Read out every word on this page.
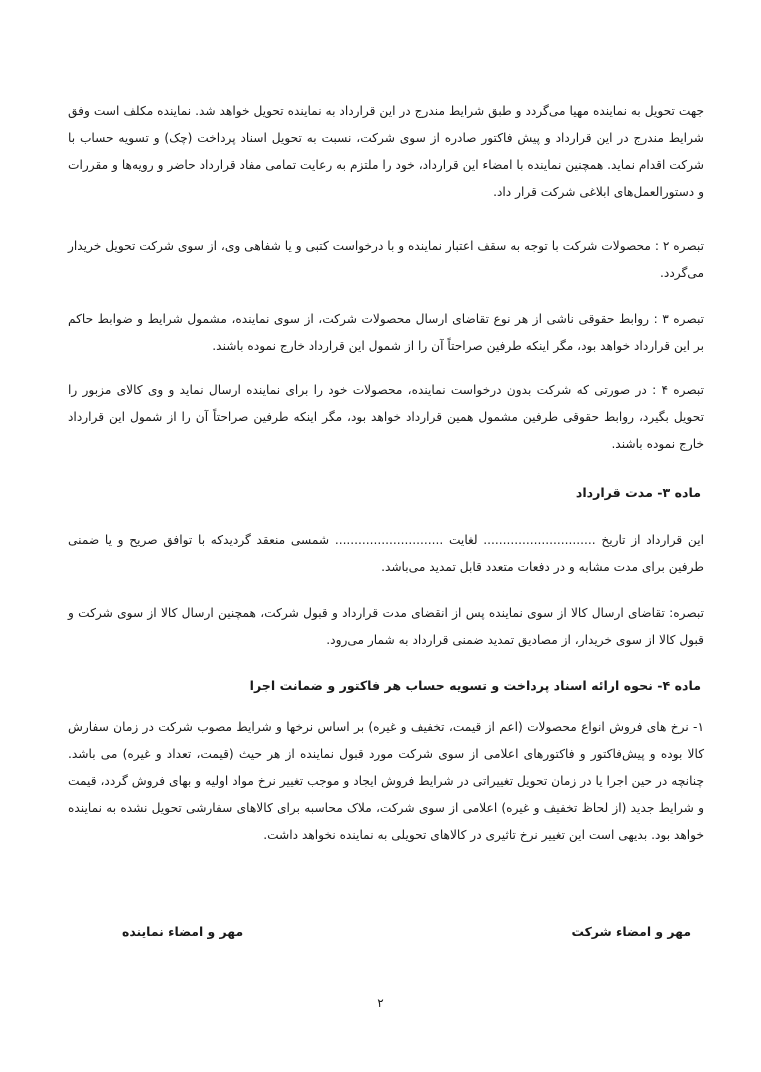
جهت تحویل به نماینده مهیا می‌گردد و طبق شرایط مندرج در این قرارداد به نماینده تحویل خواهد شد. نماینده مکلف است وفق شرایط مندرج در این قرارداد و پیش فاکتور صادره از سوی شرکت، نسبت به تحویل اسناد پرداخت (چک) و تسویه حساب با شرکت اقدام نماید. همچنین نماینده با امضاء این قرارداد، خود را ملتزم به رعایت تمامی مفاد قرارداد حاضر و رویه‌ها و مقررات و دستورالعمل‌های ابلاغی شرکت قرار داد.

تبصره ۲ : محصولات شرکت با توجه به سقف اعتبار نماینده و با درخواست کتبی و یا شفاهی وی، از سوی شرکت تحویل خریدار می‌گردد.

تبصره ۳ : روابط حقوقی ناشی از هر نوع تقاضای ارسال محصولات شرکت، از سوی نماینده، مشمول شرایط و ضوابط حاکم بر این قرارداد خواهد بود، مگر اینکه طرفین صراحتاً آن را از شمول این قرارداد خارج نموده باشند.

تبصره ۴ : در صورتی که شرکت بدون درخواست نماینده، محصولات خود را برای نماینده ارسال نماید و وی کالای مزبور را تحویل بگیرد، روابط حقوقی طرفین مشمول همین قرارداد خواهد بود، مگر اینکه طرفین صراحتاً آن را از شمول این قرارداد خارج نموده باشند.

ماده ۳- مدت قرارداد

این قرارداد از تاریخ ............................. لغایت ............................ شمسی منعقد گردیدکه با توافق صریح و یا ضمنی طرفین برای مدت مشابه و در دفعات متعدد قابل تمدید می‌باشد.

تبصره: تقاضای ارسال کالا از سوی نماینده پس از انقضای مدت قرارداد و قبول شرکت، همچنین ارسال کالا از سوی شرکت و قبول کالا از سوی خریدار، از مصادیق تمدید ضمنی قرارداد به شمار می‌رود.

ماده ۴- نحوه ارائه اسناد پرداخت و تسویه حساب هر فاکتور و ضمانت اجرا

۱- نرخ های فروش انواع محصولات (اعم از قیمت، تخفیف و غیره) بر اساس نرخها و شرایط مصوب شرکت در زمان سفارش کالا بوده و پیش‌فاکتور و فاکتورهای اعلامی از سوی شرکت مورد قبول نماینده از هر حیث (قیمت، تعداد و غیره) می باشد. چنانچه در حین اجرا یا در زمان تحویل تغییراتی در شرایط فروش ایجاد و موجب تغییر نرخ مواد اولیه و بهای فروش گردد، قیمت و شرایط جدید (از لحاظ تخفیف و غیره) اعلامی از سوی شرکت، ملاک محاسبه برای کالاهای سفارشی تحویل نشده به نماینده خواهد بود. بدیهی است این تغییر نرخ تاثیری در کالاهای تحویلی به نماینده نخواهد داشت.

مهر و امضاء شرکت
مهر و امضاء نماینده
۲
